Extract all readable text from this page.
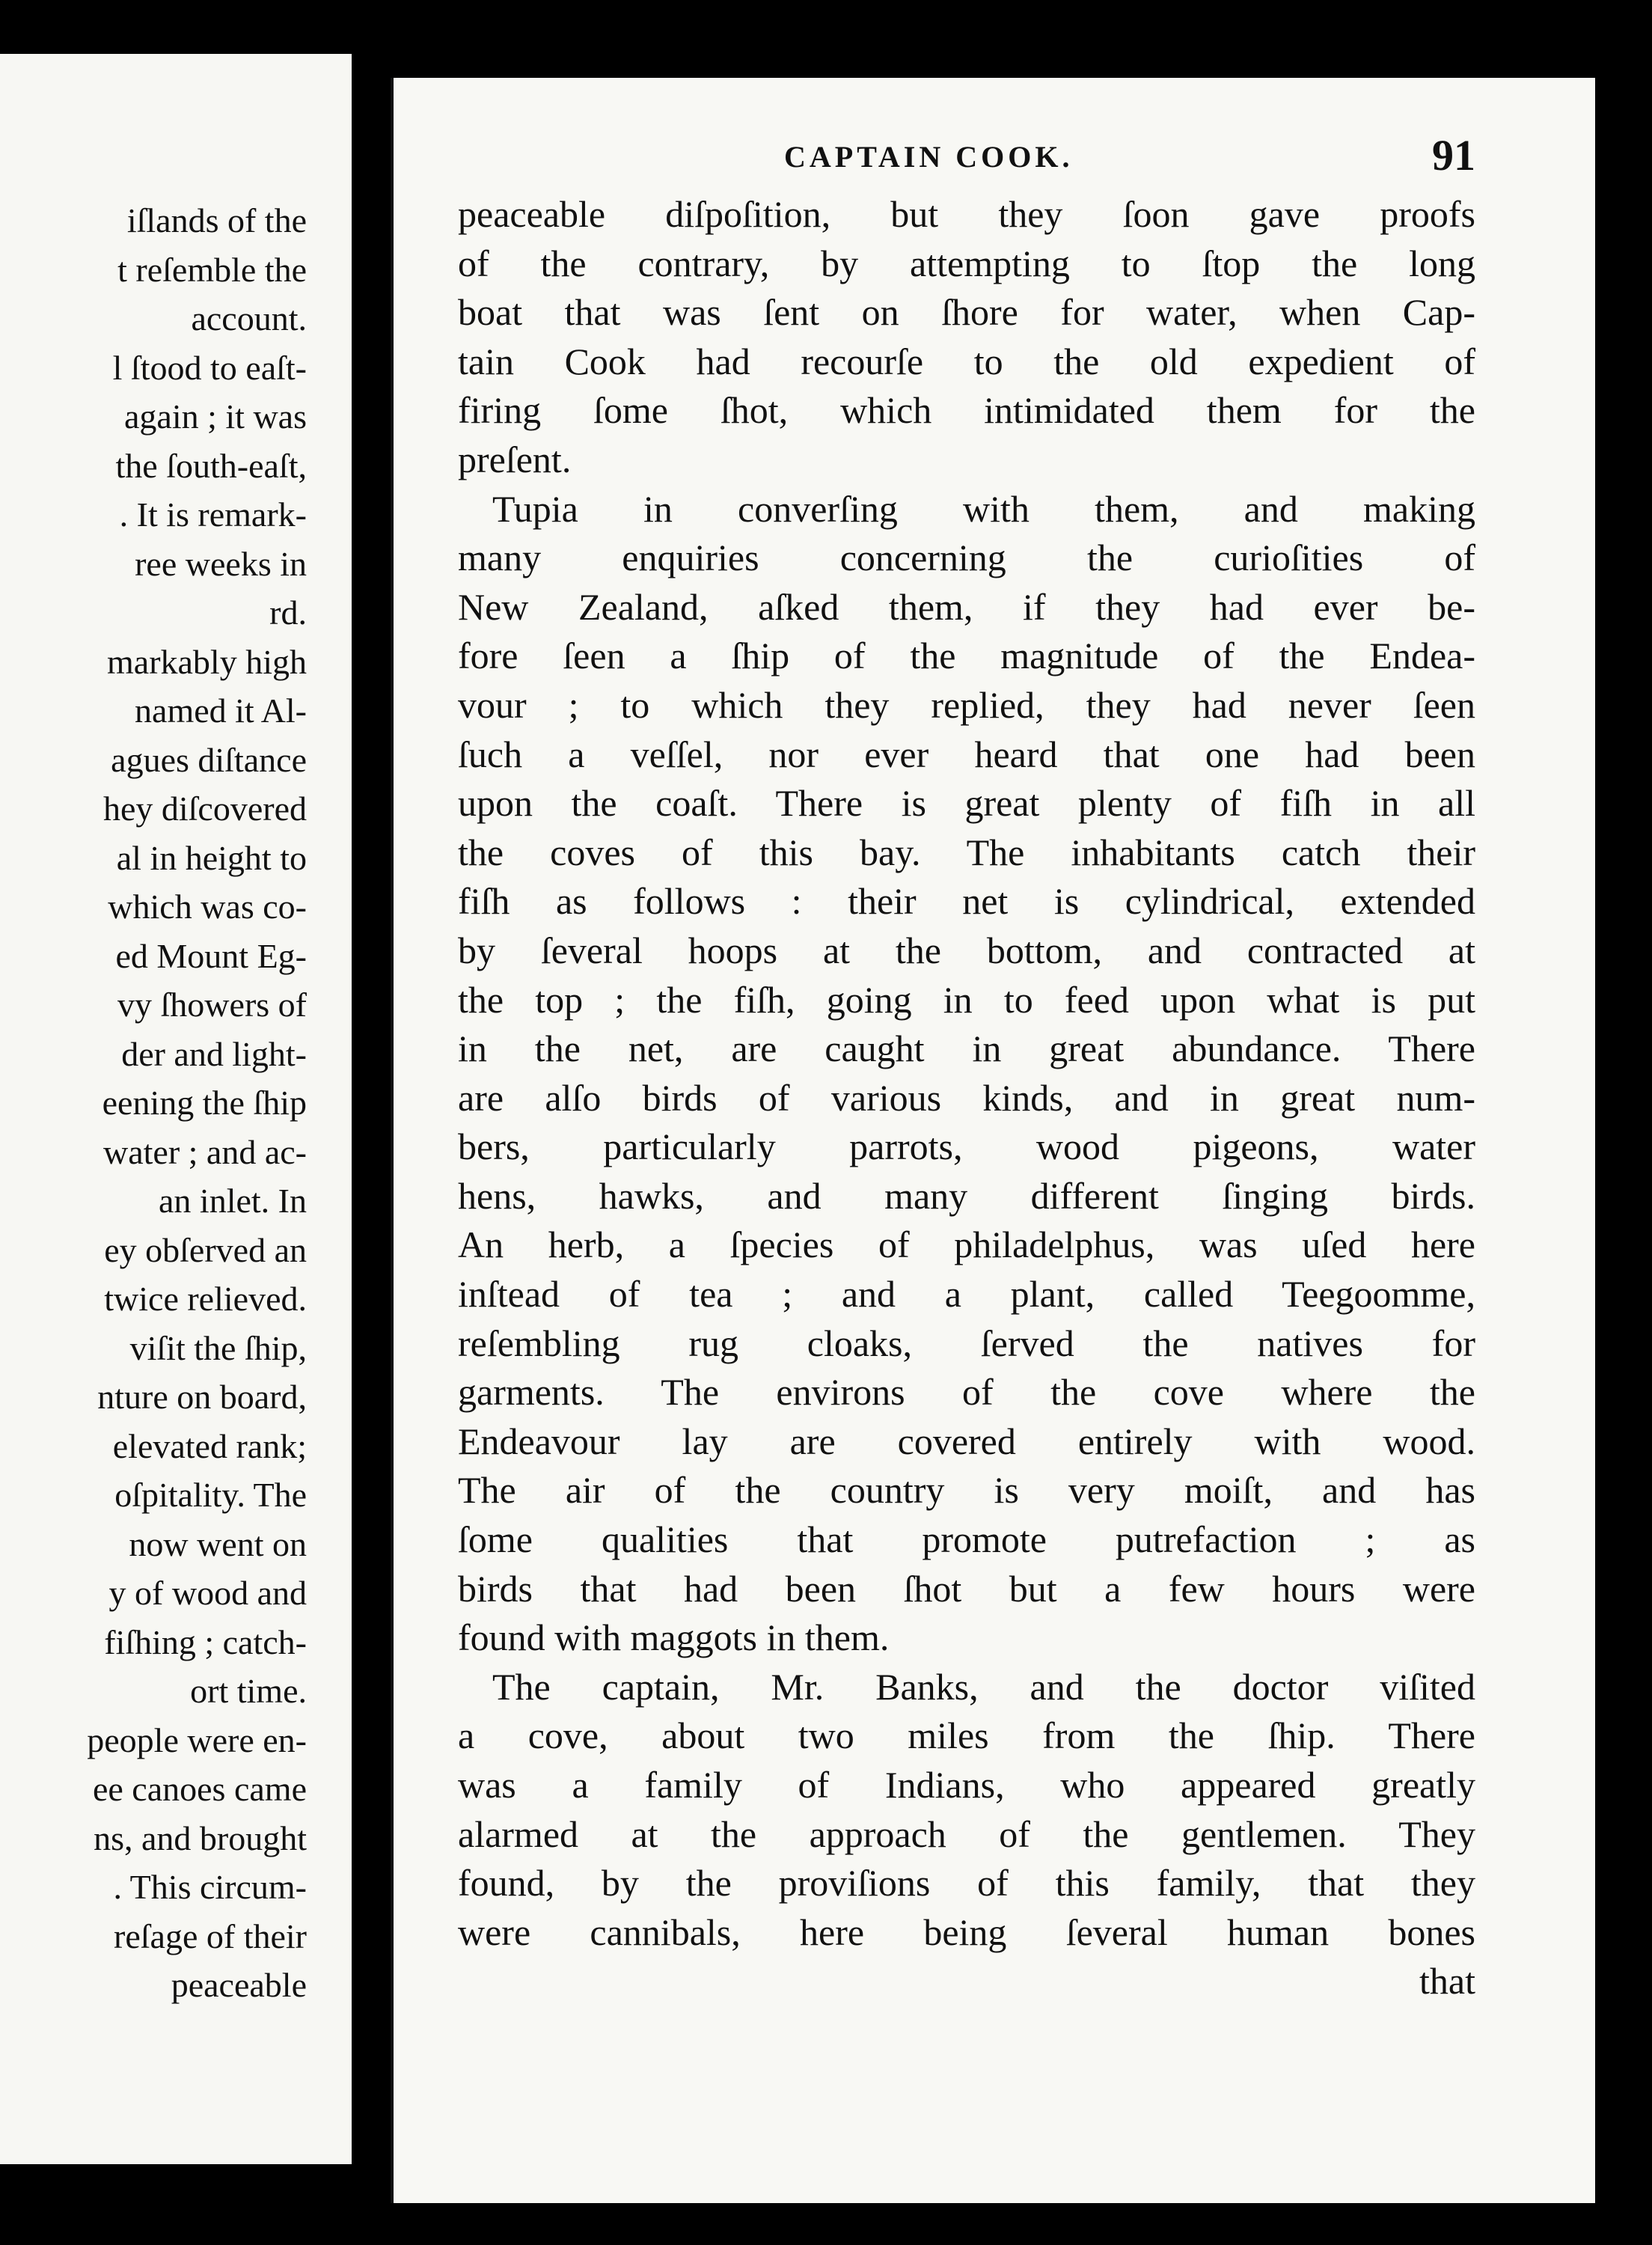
iſlands of the
t reſemble the
account.
l ſtood to eaſt-
again ; it was
the ſouth-eaſt,
. It is remark-
ree weeks in
rd.
markably high
named it Al-
agues diſtance
hey diſcovered
al in height to
which was co-
ed Mount Eg-
vy ſhowers of
der and light-
eening the ſhip
water ; and ac-
an inlet. In
ey obſerved an
twice relieved.
viſit the ſhip,
nture on board,
elevated rank;
oſpitality. The
now went on
y of wood and
fiſhing ; catch-
ort time.
people were en-
ee canoes came
ns, and brought
. This circum-
reſage of their
peaceable
CAPTAIN COOK.	91
peaceable diſpoſition, but they ſoon gave proofs
of the contrary, by attempting to ſtop the long
boat that was ſent on ſhore for water, when Cap-
tain Cook had recourſe to the old expedient of
firing ſome ſhot, which intimidated them for the
preſent.
Tupia in converſing with them, and making
many enquiries concerning the curioſities of
New Zealand, aſked them, if they had ever be-
fore ſeen a ſhip of the magnitude of the Endea-
vour ; to which they replied, they had never ſeen
ſuch a veſſel, nor ever heard that one had been
upon the coaſt. There is great plenty of fiſh in all
the coves of this bay. The inhabitants catch their
fiſh as follows : their net is cylindrical, extended
by ſeveral hoops at the bottom, and contracted at
the top ; the fiſh, going in to feed upon what is put
in the net, are caught in great abundance. There
are alſo birds of various kinds, and in great num-
bers, particularly parrots, wood pigeons, water
hens, hawks, and many different ſinging birds.
An herb, a ſpecies of philadelphus, was uſed here
inſtead of tea ; and a plant, called Teegoomme,
reſembling rug cloaks, ſerved the natives for
garments. The environs of the cove where the
Endeavour lay are covered entirely with wood.
The air of the country is very moiſt, and has
ſome qualities that promote putrefaction ; as
birds that had been ſhot but a few hours were
found with maggots in them.
The captain, Mr. Banks, and the doctor viſited
a cove, about two miles from the ſhip. There
was a family of Indians, who appeared greatly
alarmed at the approach of the gentlemen. They
found, by the proviſions of this family, that they
were cannibals, here being ſeveral human bones
that
